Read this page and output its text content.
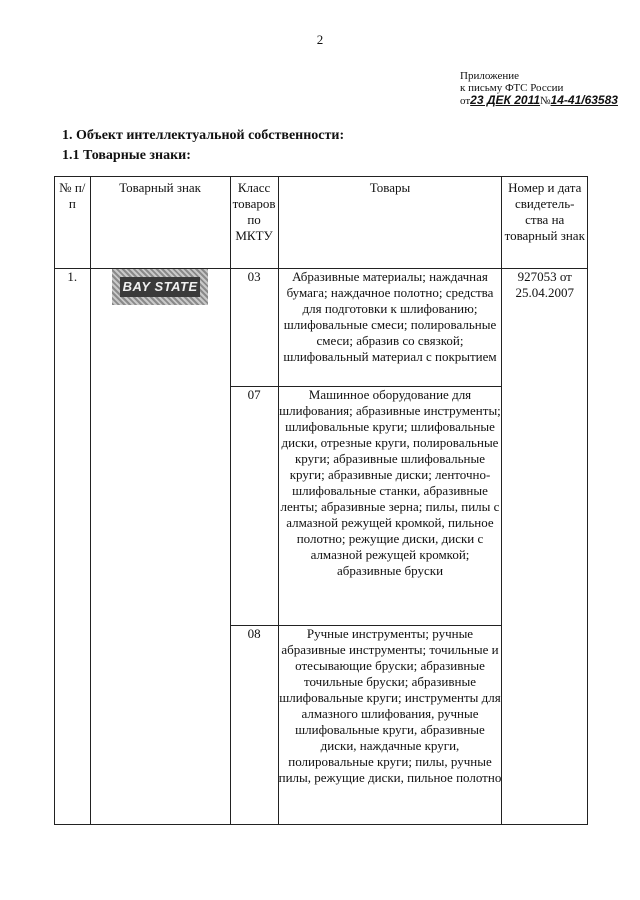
2
Приложение
к письму ФТС России
от23 ДЕК 2011№14-41/63583
1. Объект интеллектуальной собственности:
1.1 Товарные знаки:
№ п/п	Товарный знак	Класс товаров по МКТУ	Товары	Номер и дата свидетель-ства на товарный знак

1.	BAY STATE	03	Абразивные материалы; наждачная бумага; наждачное полотно; средства для подготовки к шлифованию; шлифовальные смеси; полировальные смеси; абразив со связкой; шлифовальный материал с покрытием	927053 от 25.04.2007

		07	Машинное оборудование для шлифования; абразивные инструменты; шлифовальные круги; шлифовальные диски, отрезные круги, полировальные круги; абразивные шлифовальные круги; абразивные диски; ленточно-шлифовальные станки, абразивные ленты; абразивные зерна; пилы, пилы с алмазной режущей кромкой, пильное полотно; режущие диски, диски с алмазной режущей кромкой; абразивные бруски	

		08	Ручные инструменты; ручные абразивные инструменты; точильные и отесывающие бруски; абразивные точильные бруски; абразивные шлифовальные круги; инструменты для алмазного шлифования, ручные шлифовальные круги, абразивные диски, наждачные круги, полировальные круги; пилы, ручные пилы, режущие диски, пильное полотно	
